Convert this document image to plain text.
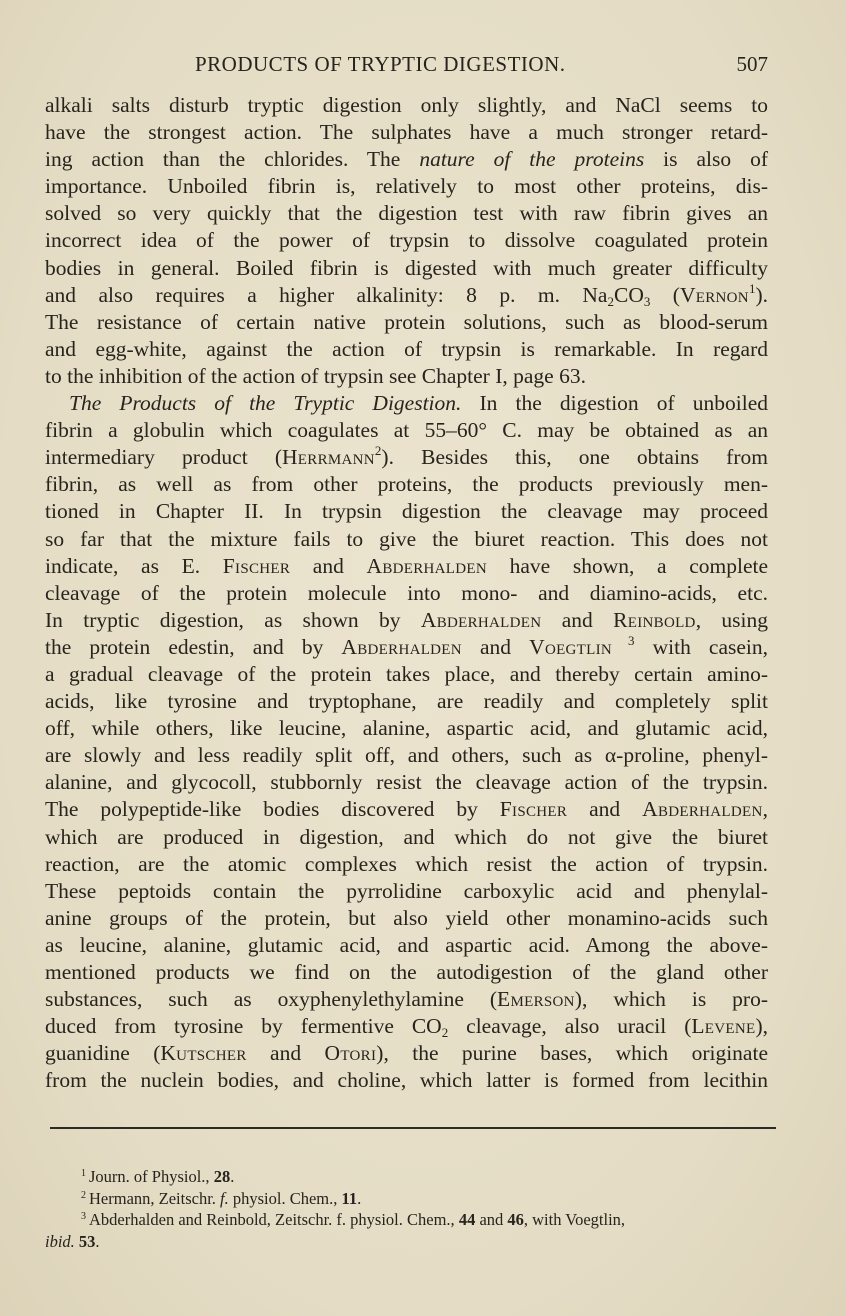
PRODUCTS OF TRYPTIC DIGESTION.	507
alkali salts disturb tryptic digestion only slightly, and NaCl seems to
have the strongest action. The sulphates have a much stronger retard-
ing action than the chlorides. The nature of the proteins is also of
importance. Unboiled fibrin is, relatively to most other proteins, dis-
solved so very quickly that the digestion test with raw fibrin gives an
incorrect idea of the power of trypsin to dissolve coagulated protein
bodies in general. Boiled fibrin is digested with much greater difficulty
and also requires a higher alkalinity: 8 p. m. $Na_2CO_3$ (Vernon$^1$).
The resistance of certain native protein solutions, such as blood-serum
and egg-white, against the action of trypsin is remarkable. In regard
to the inhibition of the action of trypsin see Chapter I, page 63.
The Products of the Tryptic Digestion. In the digestion of unboiled
fibrin a globulin which coagulates at 55–60° C. may be obtained as an
intermediary product (Herrmann$^2$). Besides this, one obtains from
fibrin, as well as from other proteins, the products previously men-
tioned in Chapter II. In trypsin digestion the cleavage may proceed
so far that the mixture fails to give the biuret reaction. This does not
indicate, as E. Fischer and Abderhalden have shown, a complete
cleavage of the protein molecule into mono- and diamino-acids, etc.
In tryptic digestion, as shown by Abderhalden and Reinbold, using
the protein edestin, and by Abderhalden and Voegtlin $^3$ with casein,
a gradual cleavage of the protein takes place, and thereby certain amino-
acids, like tyrosine and tryptophane, are readily and completely split
off, while others, like leucine, alanine, aspartic acid, and glutamic acid,
are slowly and less readily split off, and others, such as α-proline, phenyl-
alanine, and glycocoll, stubbornly resist the cleavage action of the trypsin.
The polypeptide-like bodies discovered by Fischer and Abderhalden,
which are produced in digestion, and which do not give the biuret
reaction, are the atomic complexes which resist the action of trypsin.
These peptoids contain the pyrrolidine carboxylic acid and phenylal-
anine groups of the protein, but also yield other monamino-acids such
as leucine, alanine, glutamic acid, and aspartic acid. Among the above-
mentioned products we find on the autodigestion of the gland other
substances, such as oxyphenylethylamine (Emerson), which is pro-
duced from tyrosine by fermentive $CO_2$ cleavage, also uracil (Levene),
guanidine (Kutscher and Otori), the purine bases, which originate
from the nuclein bodies, and choline, which latter is formed from lecithin
$^1$ Journ. of Physiol., 28.
$^2$ Hermann, Zeitschr. f. physiol. Chem., 11.
$^3$ Abderhalden and Reinbold, Zeitschr. f. physiol. Chem., 44 and 46, with Voegtlin,
ibid. 53.
